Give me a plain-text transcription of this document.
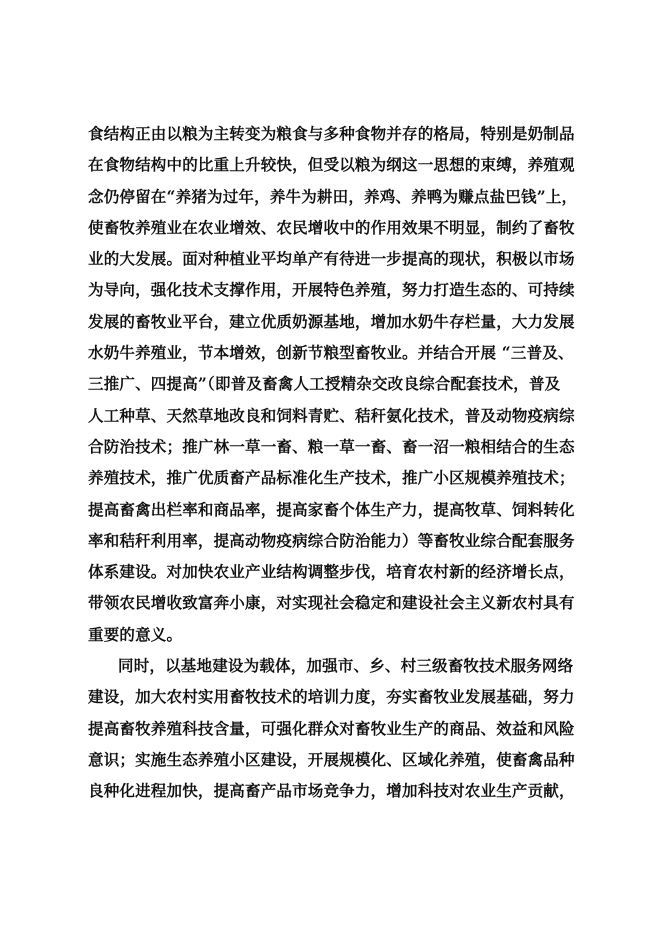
食结构正由以粮为主转变为粮食与多种食物并存的格局，特别是奶制品
在食物结构中的比重上升较快，但受以粮为纲这一思想的束缚，养殖观
念仍停留在“养猪为过年，养牛为耕田，养鸡、养鸭为赚点盐巴钱”上，
使畜牧养殖业在农业增效、农民增收中的作用效果不明显，制约了畜牧
业的大发展。面对种植业平均单产有待进一步提高的现状，积极以市场
为导向，强化技术支撑作用，开展特色养殖，努力打造生态的、可持续
发展的畜牧业平台，建立优质奶源基地，增加水奶牛存栏量，大力发展
水奶牛养殖业，节本增效，创新节粮型畜牧业。并结合开展 “三普及、
三推广、四提高”（即普及畜禽人工授精杂交改良综合配套技术，普及
人工种草、天然草地改良和饲料青贮、秸秆氨化技术，普及动物疫病综
合防治技术；推广林一草一畜、粮一草一畜、畜一沼一粮相结合的生态
养殖技术，推广优质畜产品标准化生产技术，推广小区规模养殖技术；
提高畜禽出栏率和商品率，提高家畜个体生产力，提高牧草、饲料转化
率和秸秆利用率，提高动物疫病综合防治能力）等畜牧业综合配套服务
体系建设。对加快农业产业结构调整步伐，培育农村新的经济增长点，
带领农民增收致富奔小康，对实现社会稳定和建设社会主义新农村具有
重要的意义。
同时，以基地建设为载体，加强市、乡、村三级畜牧技术服务网络
建设，加大农村实用畜牧技术的培训力度，夯实畜牧业发展基础，努力
提高畜牧养殖科技含量，可强化群众对畜牧业生产的商品、效益和风险
意识；实施生态养殖小区建设，开展规模化、区域化养殖，使畜禽品种
良种化进程加快，提高畜产品市场竞争力，增加科技对农业生产贡献，
